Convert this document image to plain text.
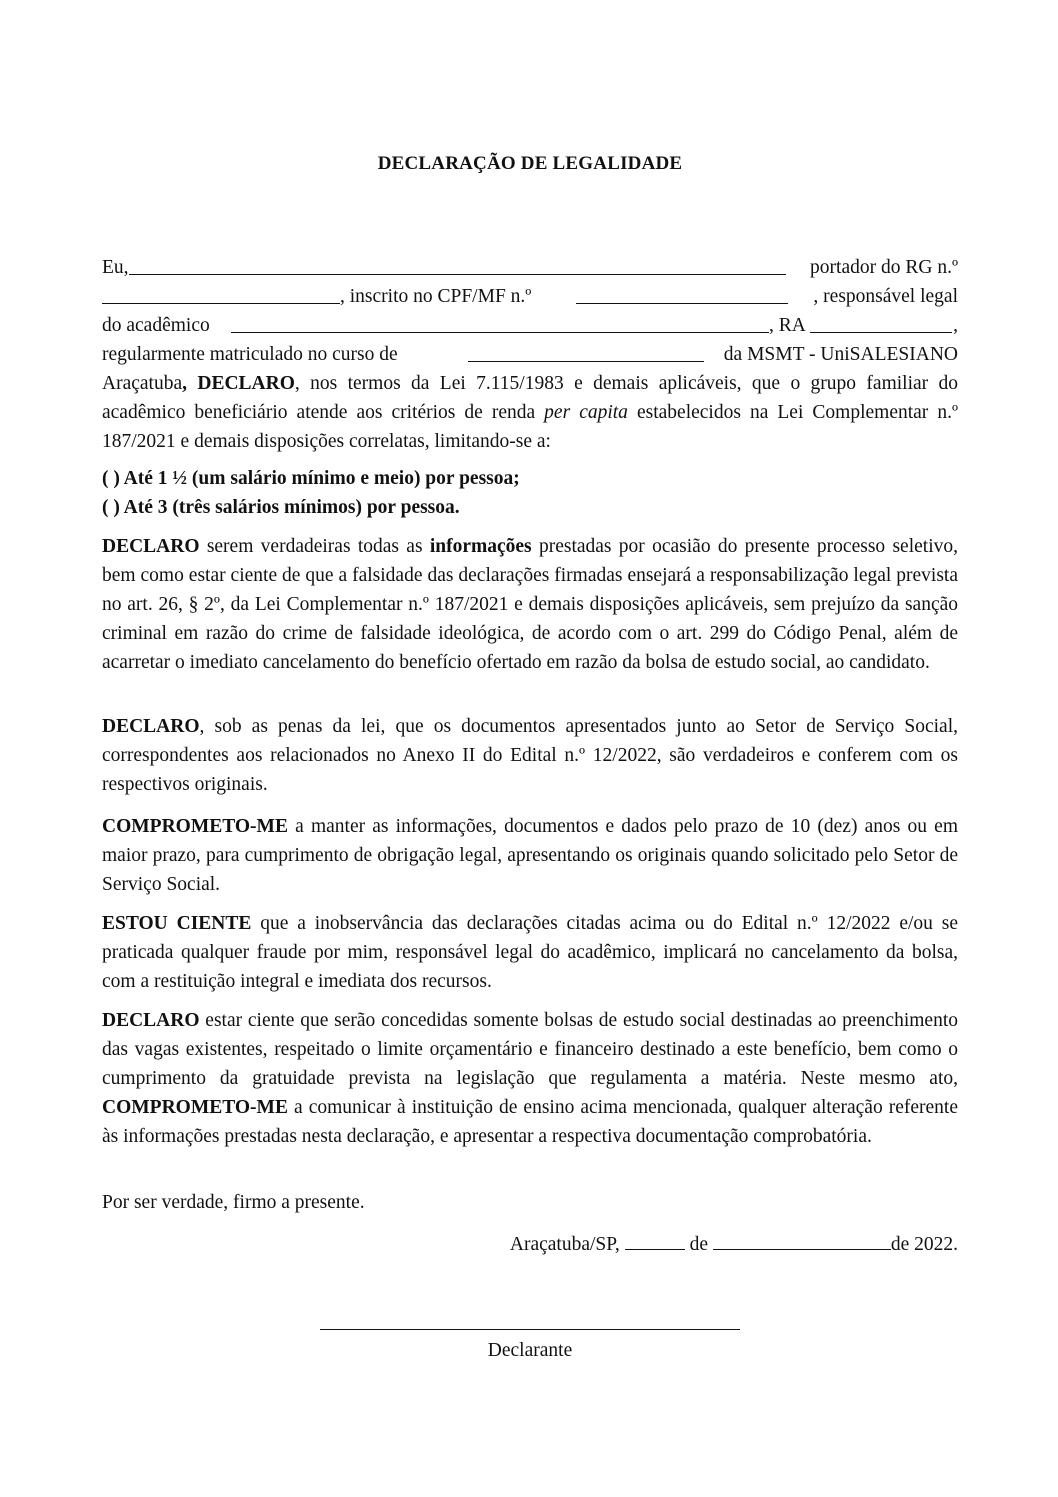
DECLARAÇÃO DE LEGALIDADE
Eu,	portador do RG n.º
, inscrito no CPF/MF n.º	, responsável legal
do acadêmico	, RA	,
regularmente matriculado no curso de	da MSMT - UniSALESIANO

Araçatuba, DECLARO, nos termos da Lei 7.115/1983 e demais aplicáveis, que o grupo familiar do acadêmico beneficiário atende aos critérios de renda per capita estabelecidos na Lei Complementar n.º 187/2021 e demais disposições correlatas, limitando-se a:

( ) Até 1 ½ (um salário mínimo e meio) por pessoa;
( ) Até 3 (três salários mínimos) por pessoa.

DECLARO serem verdadeiras todas as informações prestadas por ocasião do presente processo seletivo, bem como estar ciente de que a falsidade das declarações firmadas ensejará a responsabilização legal prevista no art. 26, § 2º, da Lei Complementar n.º 187/2021 e demais disposições aplicáveis, sem prejuízo da sanção criminal em razão do crime de falsidade ideológica, de acordo com o art. 299 do Código Penal, além de acarretar o imediato cancelamento do benefício ofertado em razão da bolsa de estudo social, ao candidato.

DECLARO, sob as penas da lei, que os documentos apresentados junto ao Setor de Serviço Social, correspondentes aos relacionados no Anexo II do Edital n.º 12/2022, são verdadeiros e conferem com os respectivos originais.

COMPROMETO-ME a manter as informações, documentos e dados pelo prazo de 10 (dez) anos ou em maior prazo, para cumprimento de obrigação legal, apresentando os originais quando solicitado pelo Setor de Serviço Social.

ESTOU CIENTE que a inobservância das declarações citadas acima ou do Edital n.º 12/2022 e/ou se praticada qualquer fraude por mim, responsável legal do acadêmico, implicará no cancelamento da bolsa, com a restituição integral e imediata dos recursos.

DECLARO estar ciente que serão concedidas somente bolsas de estudo social destinadas ao preenchimento das vagas existentes, respeitado o limite orçamentário e financeiro destinado a este benefício, bem como o cumprimento da gratuidade prevista na legislação que regulamenta a matéria. Neste mesmo ato, COMPROMETO-ME a comunicar à instituição de ensino acima mencionada, qualquer alteração referente às informações prestadas nesta declaração, e apresentar a respectiva documentação comprobatória.

Por ser verdade, firmo a presente.

Araçatuba/SP,	de	de 2022.
Declarante
